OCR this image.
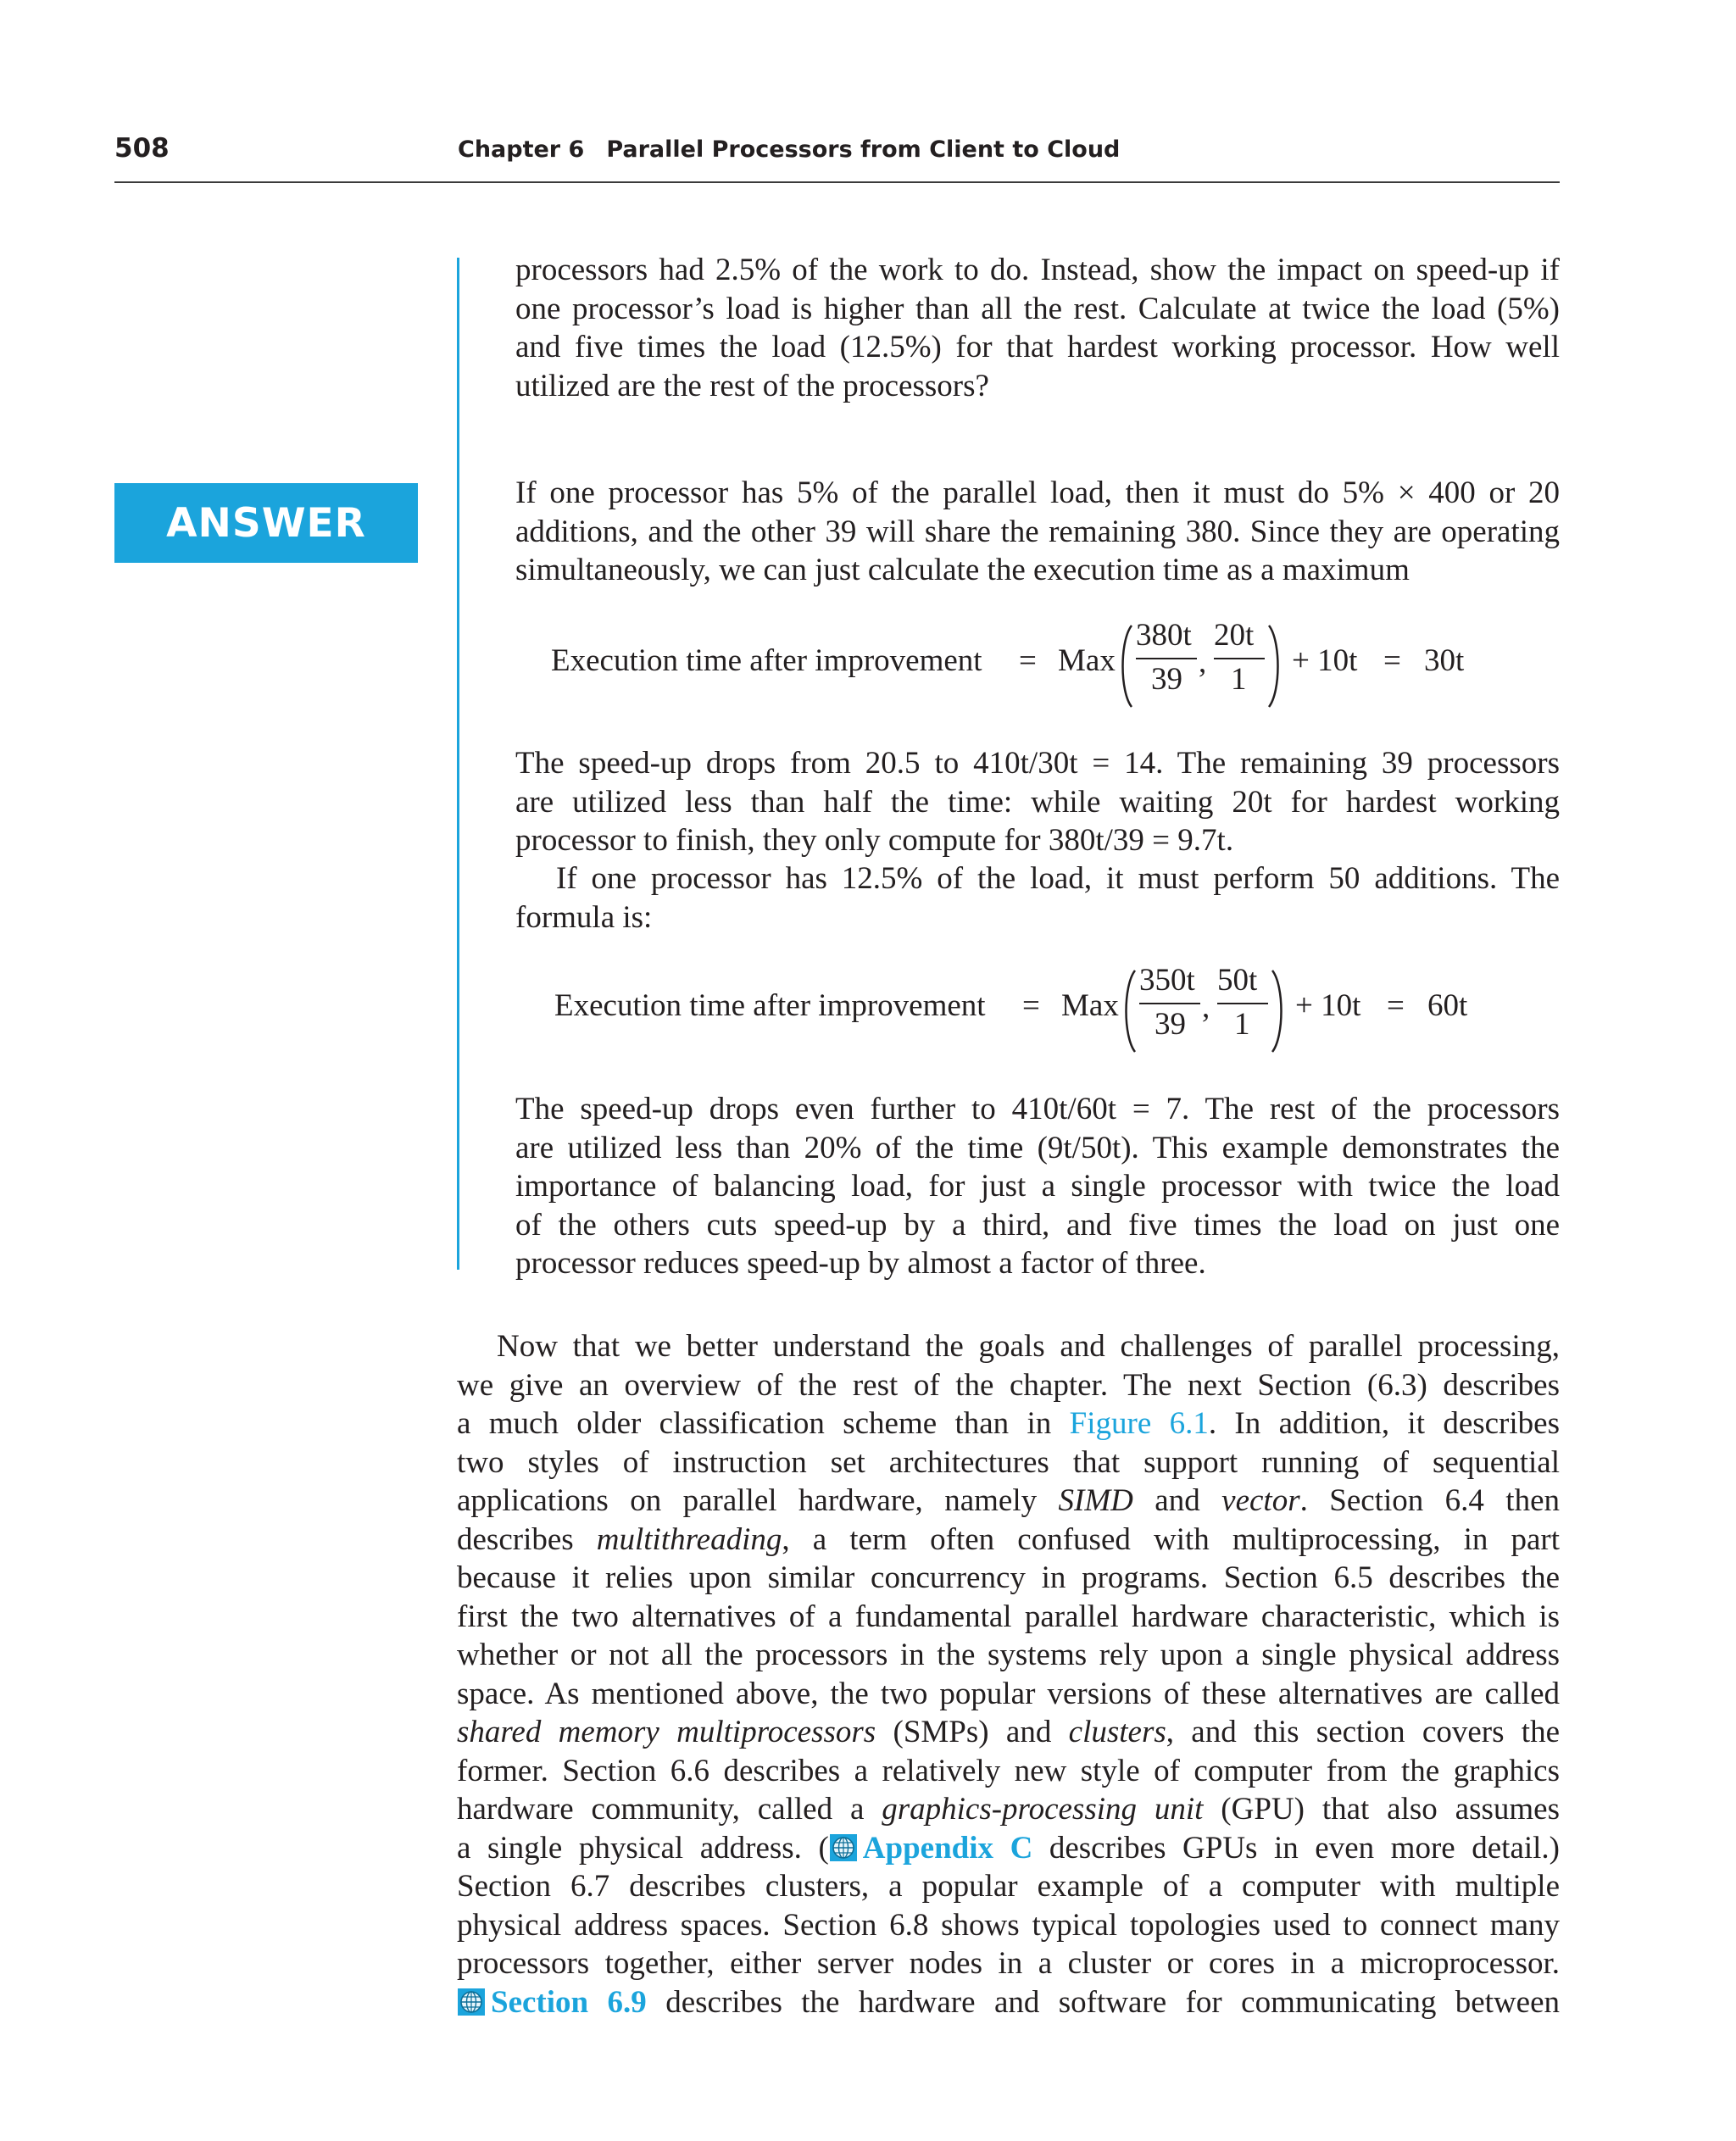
508	Chapter 6 Parallel Processors from Client to Cloud
ANSWER
processors had 2.5% of the work to do. Instead, show the impact on speed-up if
one processor’s load is higher than all the rest. Calculate at twice the load (5%)
and five times the load (12.5%) for that hardest working processor. How well
utilized are the rest of the processors?
If one processor has 5% of the parallel load, then it must do 5% × 400 or 20
additions, and the other 39 will share the remaining 380. Since they are operating
simultaneously, we can just calculate the execution time as a maximum
Execution time after improvement = Max
380t
39 ,
20t
1
+ 10t = 30t
The speed-up drops from 20.5 to 410t/30t = 14. The remaining 39 processors
are utilized less than half the time: while waiting 20t for hardest working
processor to finish, they only compute for 380t/39 = 9.7t.
If one processor has 12.5% of the load, it must perform 50 additions. The
formula is:
Execution time after improvement = Max
350t
39 ,
50t
1
+ 10t = 60t
The speed-up drops even further to 410t/60t = 7. The rest of the processors
are utilized less than 20% of the time (9t/50t). This example demonstrates the
importance of balancing load, for just a single processor with twice the load
of the others cuts speed-up by a third, and five times the load on just one
processor reduces speed-up by almost a factor of three.
Now that we better understand the goals and challenges of parallel processing,
we give an overview of the rest of the chapter. The next Section (6.3) describes
a much older classification scheme than in Figure 6.1. In addition, it describes
two styles of instruction set architectures that support running of sequential
applications on parallel hardware, namely SIMD and vector. Section 6.4 then
describes multithreading, a term often confused with multiprocessing, in part
because it relies upon similar concurrency in programs. Section 6.5 describes the
first the two alternatives of a fundamental parallel hardware characteristic, which is
whether or not all the processors in the systems rely upon a single physical address
space. As mentioned above, the two popular versions of these alternatives are called
shared memory multiprocessors (SMPs) and clusters, and this section covers the
former. Section 6.6 describes a relatively new style of computer from the graphics
hardware community, called a graphics-processing unit (GPU) that also assumes
a single physical address. ( Appendix C describes GPUs in even more detail.)
Section 6.7 describes clusters, a popular example of a computer with multiple
physical address spaces. Section 6.8 shows typical topologies used to connect many
processors together, either server nodes in a cluster or cores in a microprocessor.
Section 6.9 describes the hardware and software for communicating between
